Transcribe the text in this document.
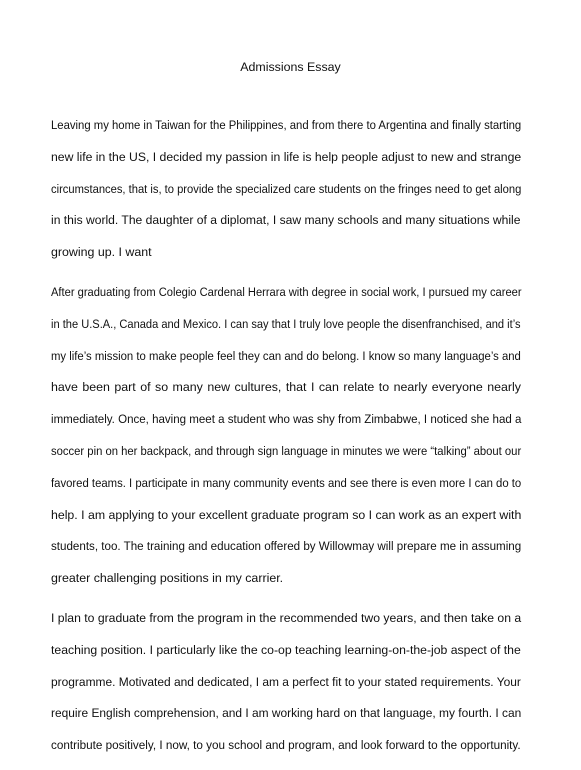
Admissions Essay

Leaving my home in Taiwan for the Philippines, and from there to Argentina and finally starting
new life in the US, I decided my passion in life is help people adjust to new and strange
circumstances, that is, to provide the specialized care students on the fringes need to get along
in this world. The daughter of a diplomat, I saw many schools and many situations while
growing up. I want

After graduating from Colegio Cardenal Herrara with degree in social work, I pursued my career
in the U.S.A., Canada and Mexico. I can say that I truly love people the disenfranchised, and it’s
my life’s mission to make people feel they can and do belong. I know so many language’s and
have been part of so many new cultures, that I can relate to nearly everyone nearly
immediately. Once, having meet a student who was shy from Zimbabwe, I noticed she had a
soccer pin on her backpack, and through sign language in minutes we were “talking” about our
favored teams. I participate in many community events and see there is even more I can do to
help. I am applying to your excellent graduate program so I can work as an expert with
students, too. The training and education offered by Willowmay will prepare me in assuming
greater challenging positions in my carrier.

I plan to graduate from the program in the recommended two years, and then take on a
teaching position. I particularly like the co-op teaching learning-on-the-job aspect of the
programme. Motivated and dedicated, I am a perfect fit to your stated requirements. Your
require English comprehension, and I am working hard on that language, my fourth. I can
contribute positively, I now, to you school and program, and look forward to the opportunity.
